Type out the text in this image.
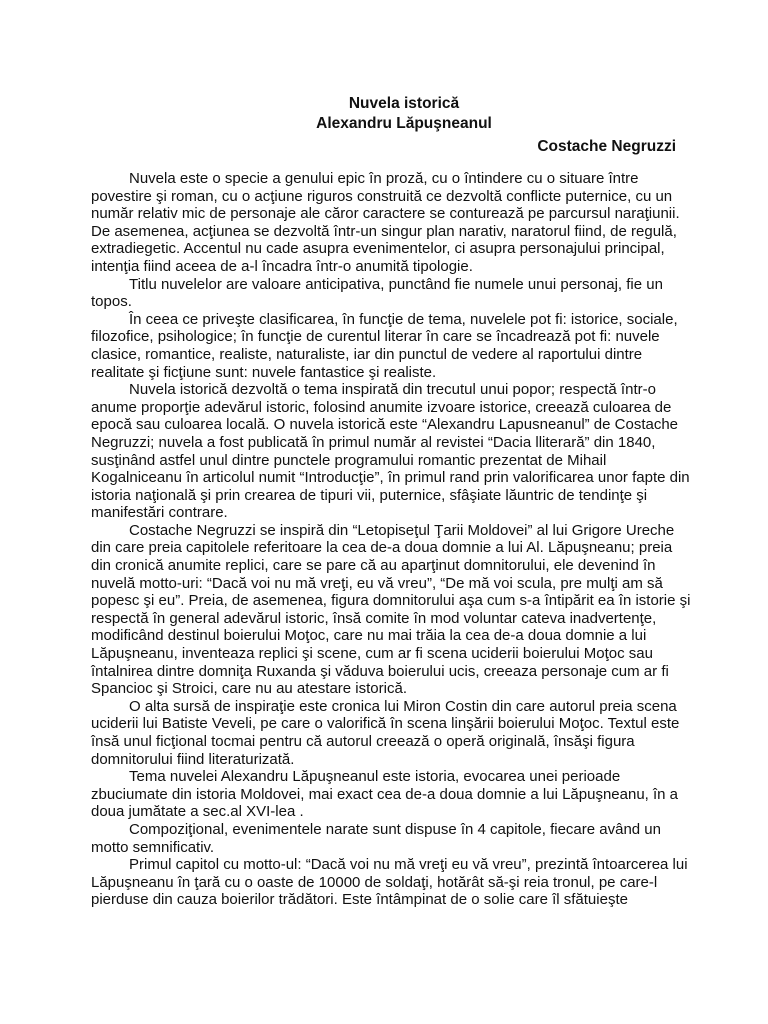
Nuvela istorică
Alexandru Lăpuşneanul
Costache Negruzzi

Nuvela este o specie a genului epic în proză, cu o întindere cu o situare între povestire şi roman, cu o acţiune riguros construită ce dezvoltă conflicte puternice, cu un număr relativ mic de personaje ale căror caractere se conturează pe parcursul naraţiunii. De asemenea, acţiunea se dezvoltă într-un singur plan narativ, naratorul fiind, de regulă, extradiegetic. Accentul nu cade asupra evenimentelor, ci asupra personajului principal, intenţia fiind aceea de a-l încadra într-o anumită tipologie.

Titlu nuvelelor are valoare anticipativa, punctând fie numele unui personaj, fie un topos.

În ceea ce priveşte clasificarea, în funcţie de tema, nuvelele pot fi: istorice, sociale, filozofice, psihologice; în funcţie de curentul literar în care se încadrează pot fi: nuvele clasice, romantice, realiste, naturaliste, iar din punctul de vedere al raportului dintre realitate şi ficţiune sunt: nuvele fantastice şi realiste.

Nuvela istorică dezvoltă o tema inspirată din trecutul unui popor; respectă într-o anume proporţie adevărul istoric, folosind anumite izvoare istorice, creează culoarea de epocă sau culoarea locală. O nuvela istorică este “Alexandru Lapusneanul” de Costache Negruzzi; nuvela a fost publicată în primul număr al revistei “Dacia lliterară” din 1840, susţinând astfel unul dintre punctele programului romantic prezentat de Mihail Kogalniceanu în articolul numit “Introducţie”, în primul rand prin valorificarea unor fapte din istoria naţională şi prin crearea de tipuri vii, puternice, sfâşiate lăuntric de tendinţe şi manifestări contrare.

Costache Negruzzi se inspiră din “Letopiseţul Ţarii Moldovei” al lui Grigore Ureche din care preia capitolele referitoare la cea de-a doua domnie a lui Al. Lăpuşneanu; preia din cronică anumite replici, care se pare că au aparţinut domnitorului, ele devenind în nuvelă motto-uri: “Dacă voi nu mă vreţi, eu vă vreu”, “De mă voi scula, pre mulţi am să popesc şi eu”. Preia, de asemenea, figura domnitorului aşa cum s-a întipărit ea în istorie şi respectă în general adevărul istoric, însă comite în mod voluntar cateva inadvertenţe, modificând destinul boierului Moţoc, care nu mai trăia la cea de-a doua domnie a lui Lăpuşneanu, inventeaza replici şi scene, cum ar fi scena uciderii boierului Moţoc sau întalnirea dintre domniţa Ruxanda şi văduva boierului ucis, creeaza personaje cum ar fi Spancioc şi Stroici, care nu au atestare istorică.

O alta sursă de inspiraţie este cronica lui Miron Costin din care autorul preia scena uciderii lui Batiste Veveli, pe care o valorifică în scena linşării boierului Moţoc. Textul este însă unul ficţional tocmai pentru că autorul creează o operă originală, însăşi figura domnitorului fiind literaturizată.

Tema nuvelei Alexandru Lăpuşneanul este istoria, evocarea unei perioade zbuciumate din istoria Moldovei, mai exact cea de-a doua domnie a lui Lăpuşneanu, în a doua jumătate a sec.al XVI-lea .

Compoziţional, evenimentele narate sunt dispuse în 4 capitole, fiecare având un motto semnificativ.

Primul capitol cu motto-ul: “Dacă voi nu mă vreţi eu vă vreu”, prezintă întoarcerea lui Lăpuşneanu în ţară cu o oaste de 10000 de soldaţi, hotărât să-şi reia tronul, pe care-l pierduse din cauza boierilor trădători. Este întâmpinat de o solie care îl sfătuieşte
